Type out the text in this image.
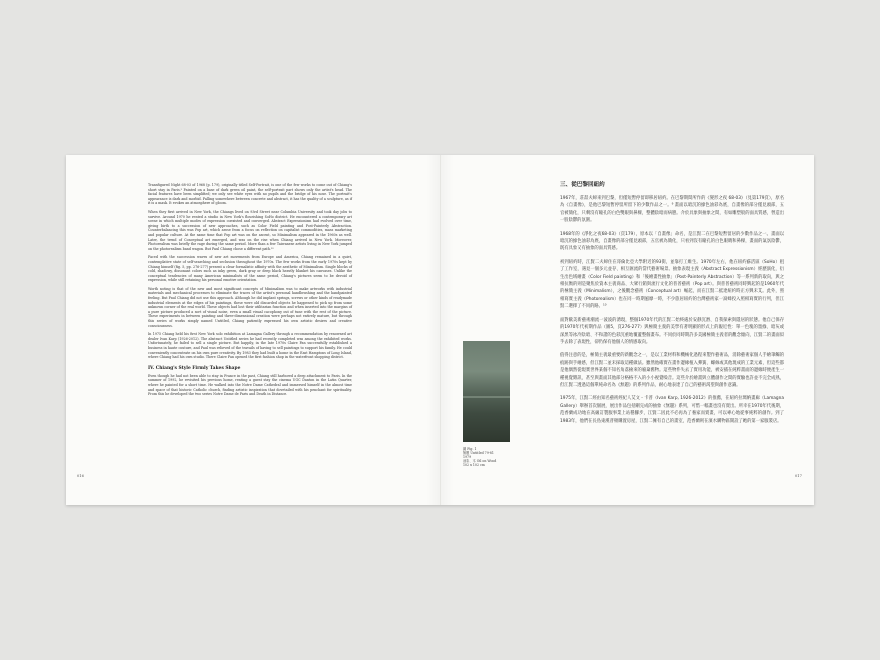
Transfigured Night 68-03 of 1968 (p. 179), originally titled Self-Portrait, is one of the few works to come out of Chiang's short stay in Paris.⁹ Painted on a base of dark green oil paint, the self-portrait part shows only the artist's head. The facial features have been simplified; we only see white eyes with no pupils and the bridge of his nose. The portrait's appearance is dark and morbid. Falling somewhere between concrete and abstract, it has the quality of a sculpture, as if it is a mask. It evokes an atmosphere of gloom.

When they first arrived in New York, the Chiangs lived on 93rd Street near Columbia University and took day jobs to survive. Around 1970 he rented a studio in New York's flourishing SoHo district. He encountered a contemporary art scene in which multiple modes of expression coexisted and converged. Abstract Expressionism had evolved over time, giving birth to a succession of new approaches, such as Color Field painting and Post-Painterly Abstraction. Counterbalancing this was Pop art, which arose from a focus on reflection on capitalist commodities, mass marketing and popular culture. At the same time that Pop art was on the ascent, so Minimalism appeared in the 1960s as well. Later, the trend of Conceptual art emerged, and was on the rise when Chiang arrived in New York. Moreover, Photorealism was briefly the rage during the same period. More than a few Taiwanese artists living in New York jumped on the photorealism band wagon. But Paul Chiang chose a different path.¹⁰

Faced with the succession waves of new art movements from Europe and America, Chiang remained in a quiet, contemplative state of self-searching and seclusion throughout the 1970s. The few works from the early 1970s kept by Chiang himself (fig. 5, pp. 276-277) present a clear formalistic affinity with the aesthetic of Minimalism. Single blocks of cold, shadowy, dissonant colors such as inky green, dark gray or deep black heavily blanket his canvases. Unlike the conceptual tendencies of many American minimalists of the same period, Chiang's pictures seem to be devoid of expression, while still retaining his personal emotive orientation.

Worth noting is that of the new and most significant concepts of Minimalism was to make artworks with industrial materials and mechanical processes to eliminate the traces of the artist's personal handbrushing and the handpainted feeling. But Paul Chiang did not use this approach. Although he did implant springs, screws or other kinds of readymade industrial elements at the edges of his paintings, these were old discarded objects he happened to pick up from some unknown corner of the real world. These objects had lost their utilitarian function and when inserted into the margins of a pure picture produced a sort of visual noise, even a small visual cacophony out of tune with the rest of the picture. These experiments in between painting and three-dimensional creation were perhaps not entirely mature, but through this series of works simply named Untitled, Chiang patiently expressed his own artistic desires and creative consciousness.

In 1975 Chiang held his first New York solo exhibition at Lamagna Gallery through a recommendation by renowned art dealer Ivan Karp (1926-2012). The abstract Untitled series he had recently completed was among the exhibited works. Unfortunately, he failed to sell a single picture. But happily, in the late 1970s Claire Fan successfully established a business in haute couture, and Paul was relieved of the travails of having to sell paintings to support his family. He could conveniently concentrate on his own pure creativity. By 1983 they had built a home in the East Hamptons of Long Island, where Chiang had his own studio. There Claire Fan opened the first fashion shop in the waterfront shopping district.

IV. Chiang's Style Firmly Takes Shape

Even though he had not been able to stay in France in the past, Chiang still harbored a deep attachment to Paris. In the summer of 1992, he revisited his previous home, renting a guest stay the cinema UGC Danton in the Latin Quarter, where he painted for a short time. He walked into the Notre Dame Cathedral and immersed himself in the almost time and space of that historic Catholic church, finding artistic inspiration that dovetailed with his penchant for spirituality. From this he developed the two series Notre Dame de Paris and Death in Distance.

016
圖 Fig. 1
無題 Untitled 79-81
1979
油彩、木 Oil on Wood
102 x 102 cm
三、從巴黎回紐約

1967年，莊喆夫婦來到巴黎，但僅短暫停留即移居紐約。在巴黎期間所作的《變形之夜 68-03》（見第179頁），原名為《自畫像》，是他巴黎短暫停留所留下的少數作品之一。⁹ 畫面以暗沉的綠色油彩為底，自畫像的部分僅見頭部，五官被簡化，只剩沒有瞳孔的白色雙眼與鼻樑，整體陰暗而病態。介於具象與抽象之間，有如雕塑般的面具質感，營造出一股陰鬱的氛圍。

1968年的《淨化之夜68-03》（頁179），原本以「自畫像」命名，是江賢二在巴黎短暫留居的少數作品之一。畫面以暗沉的綠色油彩為底，自畫像的部分僅見頭部，五官被為簡化，只看到沒有瞳孔的白色眼睛和鼻樑，畫面的氣氛陰鬱，既有具象又有抽象的面具質感。

初到紐約時，江賢二夫婦住在哥倫比亞大學附近的93街，並靠打工維生。1970年左右，他在紐約蘇活區（SoHo）租了工作室，遇見一個多元並存、相互匯流的當代藝術場景。抽象表現主義（Abstract Expressionism）經歷演化，衍生出色域繪畫（Color Field painting）和「後繪畫性抽象」（Post-Painterly Abstraction）等一系列新的取向，與之相抗衡的則是聚焦於資本主義商品、大眾行銷與流行文化的普普藝術（Pop art）。與普普藝術同時興起的是1960年代的極簡主義（Minimalism），之後觀念藝術（Conceptual art）崛起，而在江賢二抵達紐約時正方興未艾。此外，照相寫實主義（Photorealism）也在同一時期風靡一時，不少旅居紐約的台灣藝術家一窩蜂投入照相寫實的行列，但江賢二選擇了不同的路。¹⁰

面對歐美新藝術潮流一波波的湧現，整個1970年代的江賢二始終處於安靜沉潛、自我探索與隱居的狀態。他自己保存的1970年代初期作品（圖5，頁276-277）與極簡主義的美學有著明顯的形式上的親近性：單一色塊的墨綠、暗灰或深黑等冰冷陰暗、不和諧的色彩沉重地覆蓋整個畫布。不同於同時期許多美國極簡主義者的觀念傾向，江賢二的畫面似乎去除了表現性，卻仍保有他個人的情感取向。

值得注意的是，極簡主義最重要的新觀念之一，是以工業材料和機械化過程來製作藝術品，消除藝術家個人手繪筆觸的痕跡與手繪感，但江賢二並未採取這種做法。雖然他確實在畫作邊緣植入彈簧、螺絲或其他現成的工業元素，但這些都是他偶然從現實世界某個不知名角落撿來的廢棄舊物。這些物件失去了實用功能，被安插在純粹畫面的邊緣時便產生一種視覺雜訊，甚至與畫面其他部分格格不入的小小視覺噪音。這些介於繪畫與立體創作之間的實驗也許並不完全成熟，但江賢二透過這個單純命名為《無題》的系列作品，耐心地表達了自己的藝術渴望與創作意識。

1975年，江賢二經由知名藝術經紀人艾文・卡普（Ivan Karp, 1926-2012）的推薦，在紐約拉瑪納畫廊（Lamagna Gallery）舉辦首次個展，展出作品包括剛完成的抽象《無題》系列，可惜一幅畫也沒有賣出。所幸在1970年代後期，范香蘭成功地在高級訂製服事業上站穩腳步，江賢二因此不必再為了養家而賣畫，可以專心地從事純粹的創作。到了1983年，他們在長島東漢普頓購置房屋，江賢二擁有自己的畫室，范香蘭則在濱水購物區開設了她的第一家服裝店。

017
